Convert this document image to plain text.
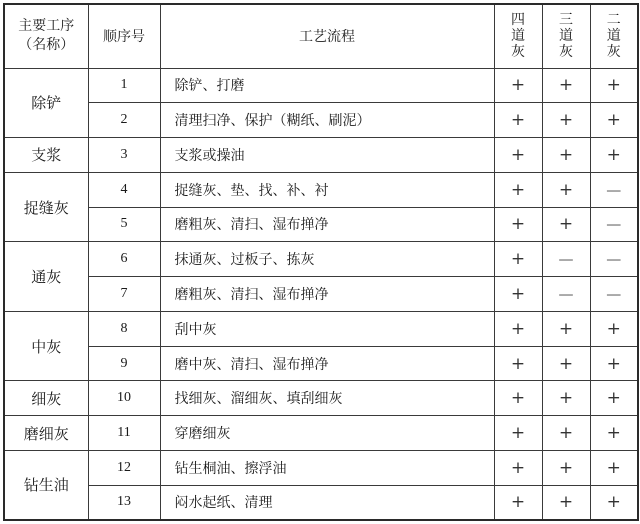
主要工序
（名称）	顺序号	工艺流程	四道灰	三道灰	二道灰
除铲	1	除铲、打磨	+	+	+
	2	清理扫净、保护（糊纸、刷泥）	+	+	+
支浆	3	支浆或操油	+	+	+
捉缝灰	4	捉缝灰、垫、找、补、衬	+	+	—
	5	磨粗灰、清扫、湿布掸净	+	+	—
通灰	6	抹通灰、过板子、拣灰	+	—	—
	7	磨粗灰、清扫、湿布掸净	+	—	—
中灰	8	刮中灰	+	+	+
	9	磨中灰、清扫、湿布掸净	+	+	+
细灰	10	找细灰、溜细灰、填刮细灰	+	+	+
磨细灰	11	穿磨细灰	+	+	+
钻生油	12	钻生桐油、擦浮油	+	+	+
	13	闷水起纸、清理	+	+	+
